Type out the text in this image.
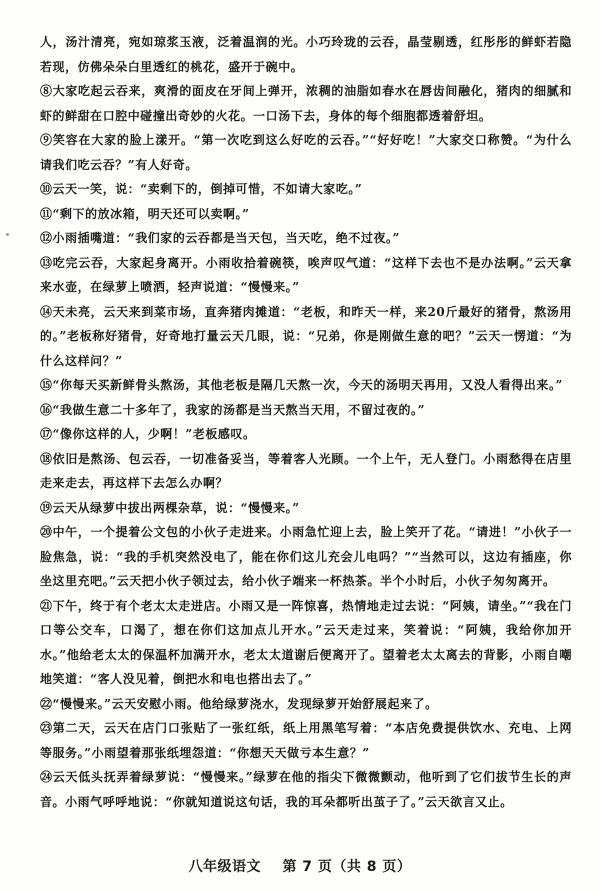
人，汤汁清亮，宛如琼浆玉液，泛着温润的光。小巧玲珑的云吞，晶莹剔透，红彤彤的鲜虾若隐若现，仿佛朵朵白里透红的桃花，盛开于碗中。

⑧大家吃起云吞来，爽滑的面皮在牙间上弹开，浓稠的油脂如春水在唇齿间融化，猪肉的细腻和虾的鲜甜在口腔中碰撞出奇妙的火花。一口汤下去，身体的每个细胞都透着舒坦。

⑨笑容在大家的脸上漾开。“第一次吃到这么好吃的云吞。”“好好吃！”大家交口称赞。“为什么请我们吃云吞？”有人好奇。

⑩云天一笑，说：“卖剩下的，倒掉可惜，不如请大家吃。”

⑪“剩下的放冰箱，明天还可以卖啊。”

⑫小雨插嘴道：“我们家的云吞都是当天包，当天吃，绝不过夜。”

⑬吃完云吞，大家起身离开。小雨收拾着碗筷，唉声叹气道：“这样下去也不是办法啊。”云天拿来水壶，在绿萝上喷洒，轻声说道：“慢慢来。”

⑭天未亮，云天来到菜市场，直奔猪肉摊道：“老板，和昨天一样，来20斤最好的猪骨，熬汤用的。”老板称好猪骨，好奇地打量云天几眼，说：“兄弟，你是刚做生意的吧？”云天一愣道：“为什么这样问？”

⑮“你每天买新鲜骨头熬汤，其他老板是隔几天熬一次，今天的汤明天再用，又没人看得出来。”

⑯“我做生意二十多年了，我家的汤都是当天熬当天用，不留过夜的。”

⑰“像你这样的人，少啊！”老板感叹。

⑱依旧是熬汤、包云吞，一切准备妥当，等着客人光顾。一个上午，无人登门。小雨愁得在店里走来走去，再这样下去怎么办啊？

⑲云天从绿萝中拔出两棵杂草，说：“慢慢来。”

⑳中午，一个提着公文包的小伙子走进来。小雨急忙迎上去，脸上笑开了花。“请进！”小伙子一脸焦急，说：“我的手机突然没电了，能在你们这儿充会儿电吗？”“当然可以，这边有插座，你坐这里充吧。”云天把小伙子领过去，给小伙子端来一杯热茶。半个小时后，小伙子匆匆离开。

㉑下午，终于有个老太太走进店。小雨又是一阵惊喜，热情地走过去说：“阿姨，请坐。”“我在门口等公交车，口渴了，想在你们这加点儿开水。”云天走过来，笑着说：“阿姨，我给你加开水。”他给老太太的保温杯加满开水，老太太道谢后便离开了。望着老太太离去的背影，小雨自嘲地笑道：“客人没见着，倒把水和电也搭出去了。”

㉒“慢慢来。”云天安慰小雨。他给绿萝浇水，发现绿萝开始舒展起来了。

㉓第二天，云天在店门口张贴了一张红纸，纸上用黑笔写着：“本店免费提供饮水、充电、上网等服务。”小雨望着那张纸埋怨道：“你想天天做亏本生意？”

㉔云天低头抚弄着绿萝说：“慢慢来。”绿萝在他的指尖下微微颤动，他听到了它们拔节生长的声音。小雨气呼呼地说：“你就知道说这句话，我的耳朵都听出茧子了。”云天欲言又止。

八年级语文 第 7 页（共 8 页）
